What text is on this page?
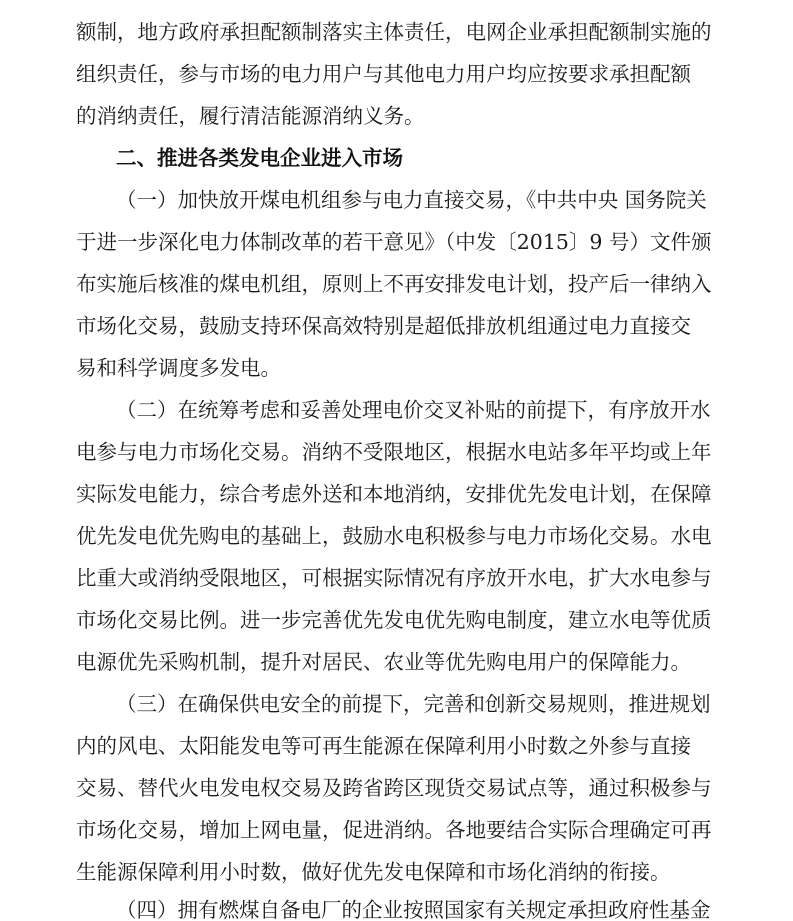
额制，地方政府承担配额制落实主体责任，电网企业承担配额制实施的
组织责任，参与市场的电力用户与其他电力用户均应按要求承担配额
的消纳责任，履行清洁能源消纳义务。
二、推进各类发电企业进入市场
（一）加快放开煤电机组参与电力直接交易，《中共中央 国务院关
于进一步深化电力体制改革的若干意见》（中发〔2015〕9 号）文件颁
布实施后核准的煤电机组，原则上不再安排发电计划，投产后一律纳入
市场化交易，鼓励支持环保高效特别是超低排放机组通过电力直接交
易和科学调度多发电。
（二）在统筹考虑和妥善处理电价交叉补贴的前提下，有序放开水
电参与电力市场化交易。消纳不受限地区，根据水电站多年平均或上年
实际发电能力，综合考虑外送和本地消纳，安排优先发电计划，在保障
优先发电优先购电的基础上，鼓励水电积极参与电力市场化交易。水电
比重大或消纳受限地区，可根据实际情况有序放开水电，扩大水电参与
市场化交易比例。进一步完善优先发电优先购电制度，建立水电等优质
电源优先采购机制，提升对居民、农业等优先购电用户的保障能力。
（三）在确保供电安全的前提下，完善和创新交易规则，推进规划
内的风电、太阳能发电等可再生能源在保障利用小时数之外参与直接
交易、替代火电发电权交易及跨省跨区现货交易试点等，通过积极参与
市场化交易，增加上网电量，促进消纳。各地要结合实际合理确定可再
生能源保障利用小时数，做好优先发电保障和市场化消纳的衔接。
（四）拥有燃煤自备电厂的企业按照国家有关规定承担政府性基金
